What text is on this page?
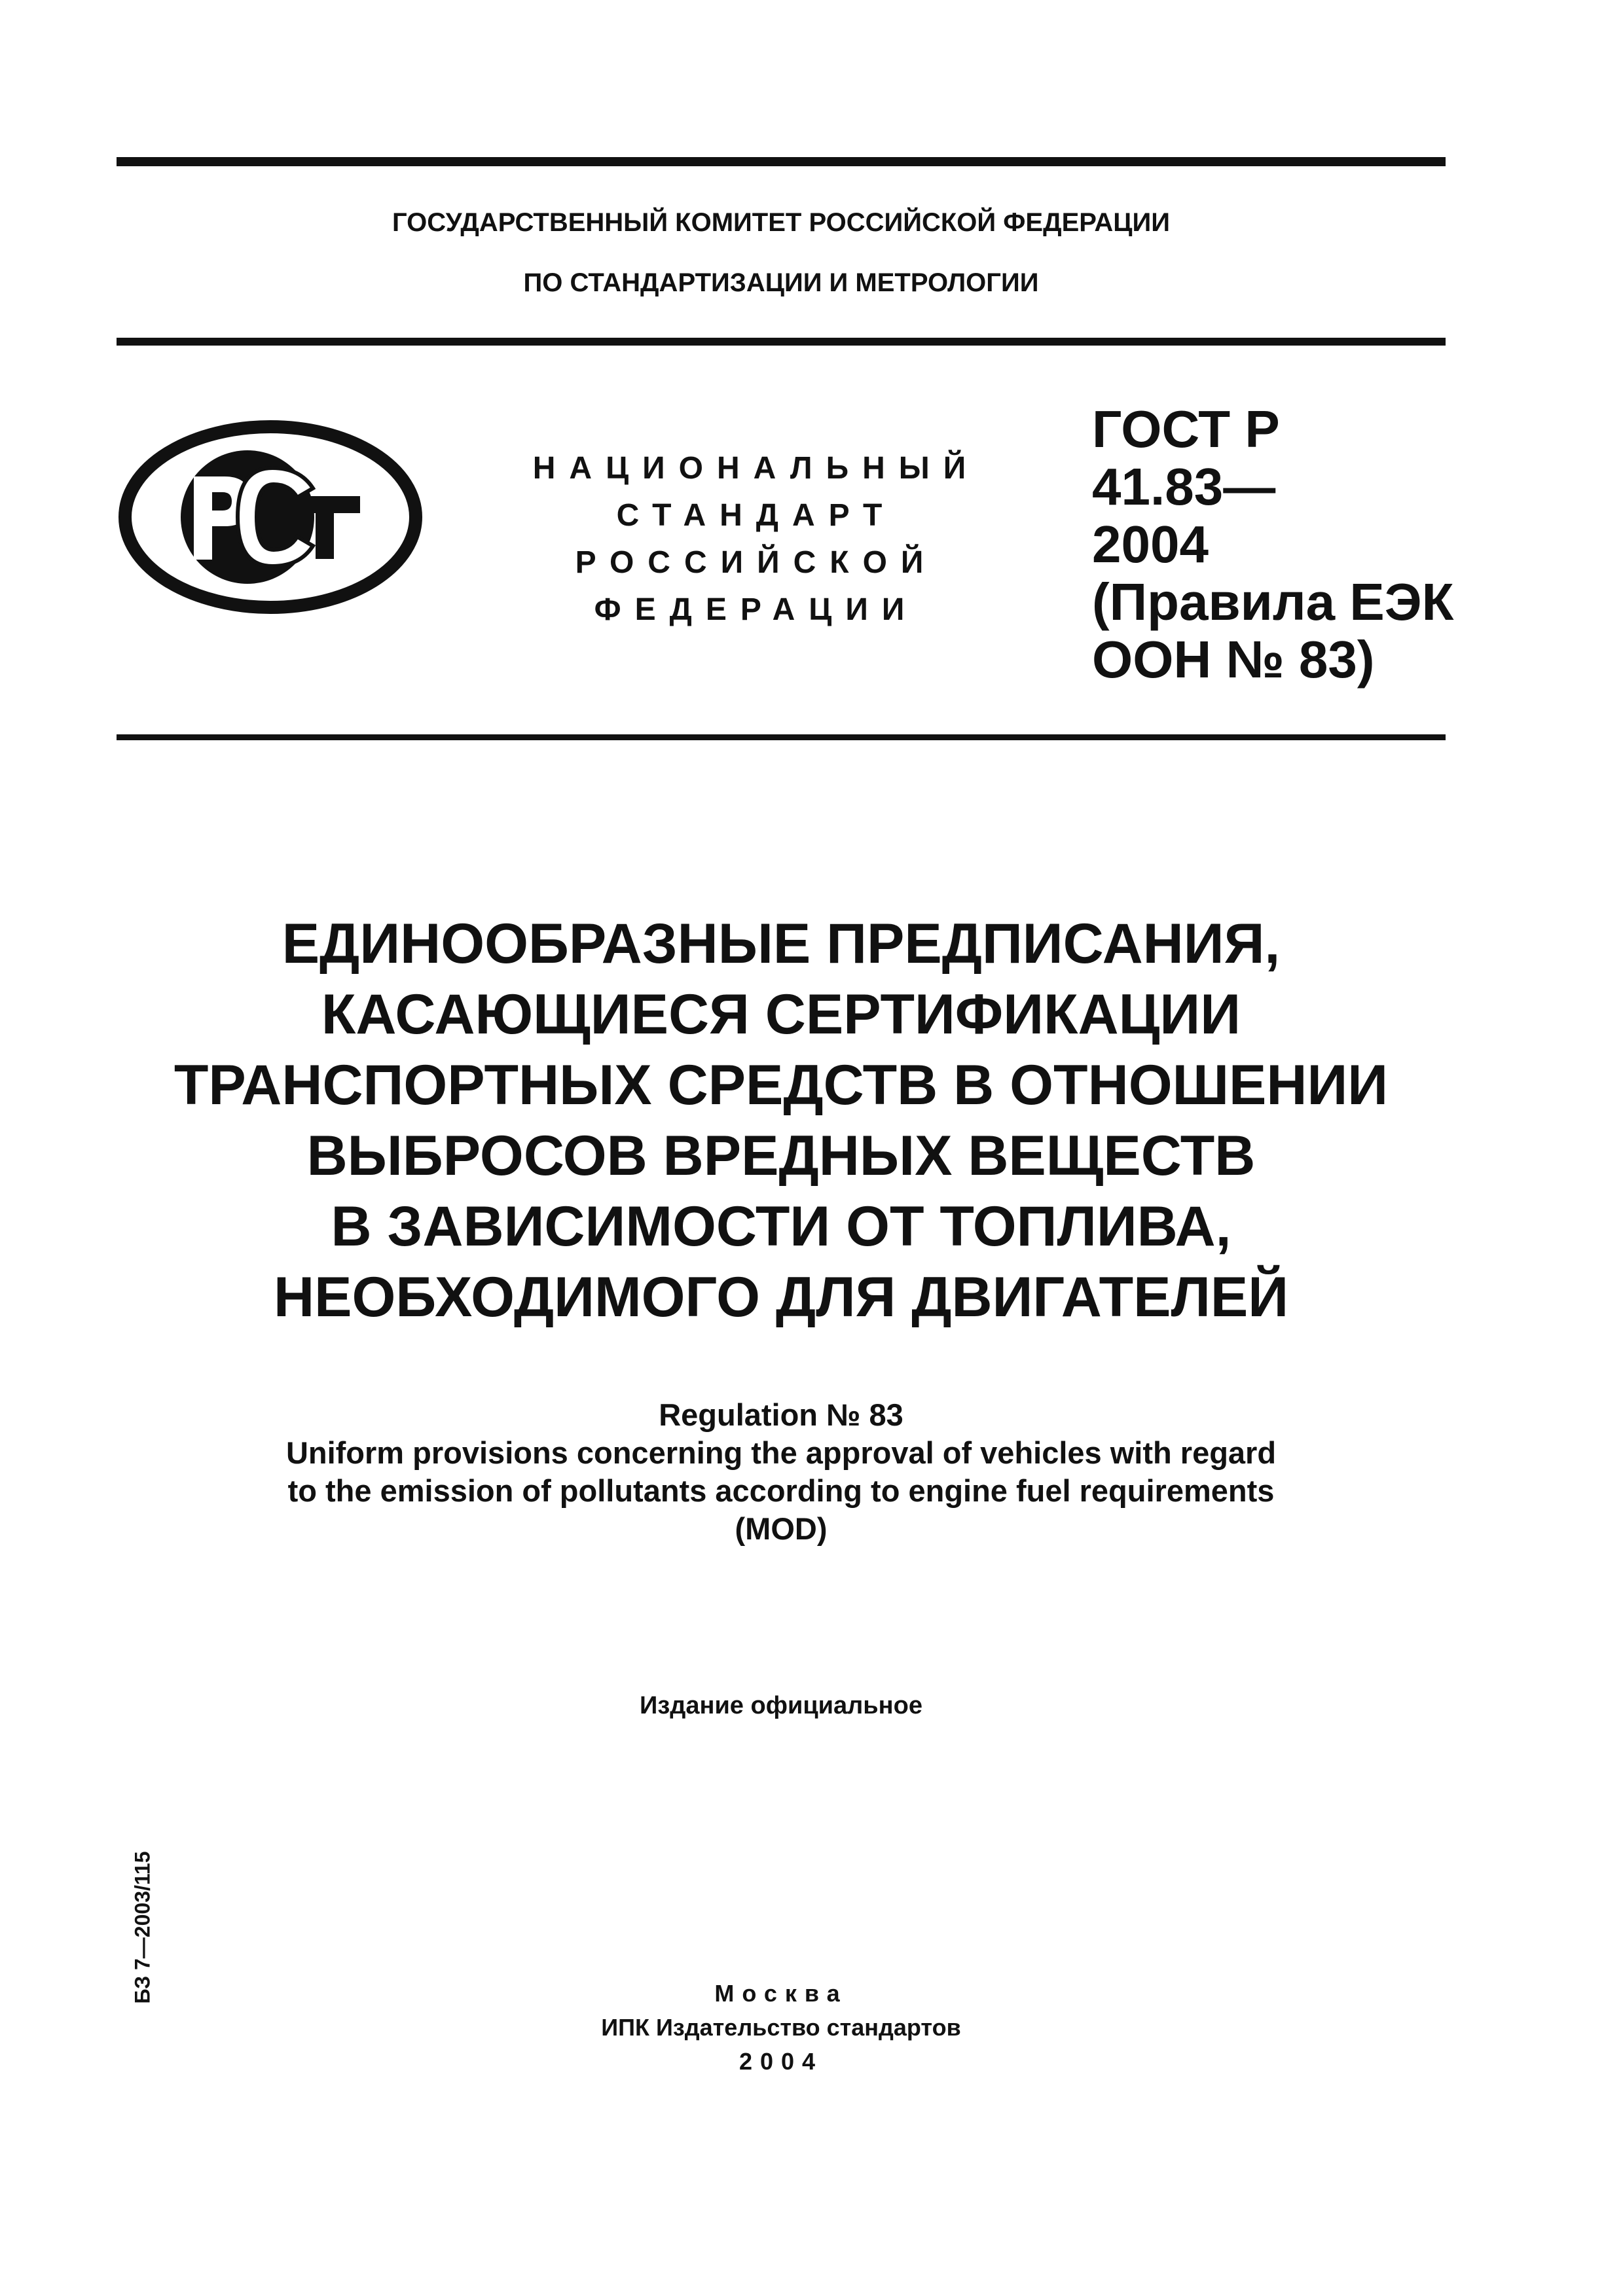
ГОСУДАРСТВЕННЫЙ КОМИТЕТ РОССИЙСКОЙ ФЕДЕРАЦИИ
ПО СТАНДАРТИЗАЦИИ И МЕТРОЛОГИИ
НАЦИОНАЛЬНЫЙ
СТАНДАРТ
РОССИЙСКОЙ
ФЕДЕРАЦИИ
ГОСТ Р
41.83—
2004
(Правила ЕЭК
ООН № 83)
ЕДИНООБРАЗНЫЕ ПРЕДПИСАНИЯ,
КАСАЮЩИЕСЯ СЕРТИФИКАЦИИ
ТРАНСПОРТНЫХ СРЕДСТВ В ОТНОШЕНИИ
ВЫБРОСОВ ВРЕДНЫХ ВЕЩЕСТВ
В ЗАВИСИМОСТИ ОТ ТОПЛИВА,
НЕОБХОДИМОГО ДЛЯ ДВИГАТЕЛЕЙ
Regulation № 83
Uniform provisions concerning the approval of vehicles with regard
to the emission of pollutants according to engine fuel requirements
(MOD)
Издание официальное
БЗ 7—2003/115	Москва
ИПК Издательство стандартов
2004
